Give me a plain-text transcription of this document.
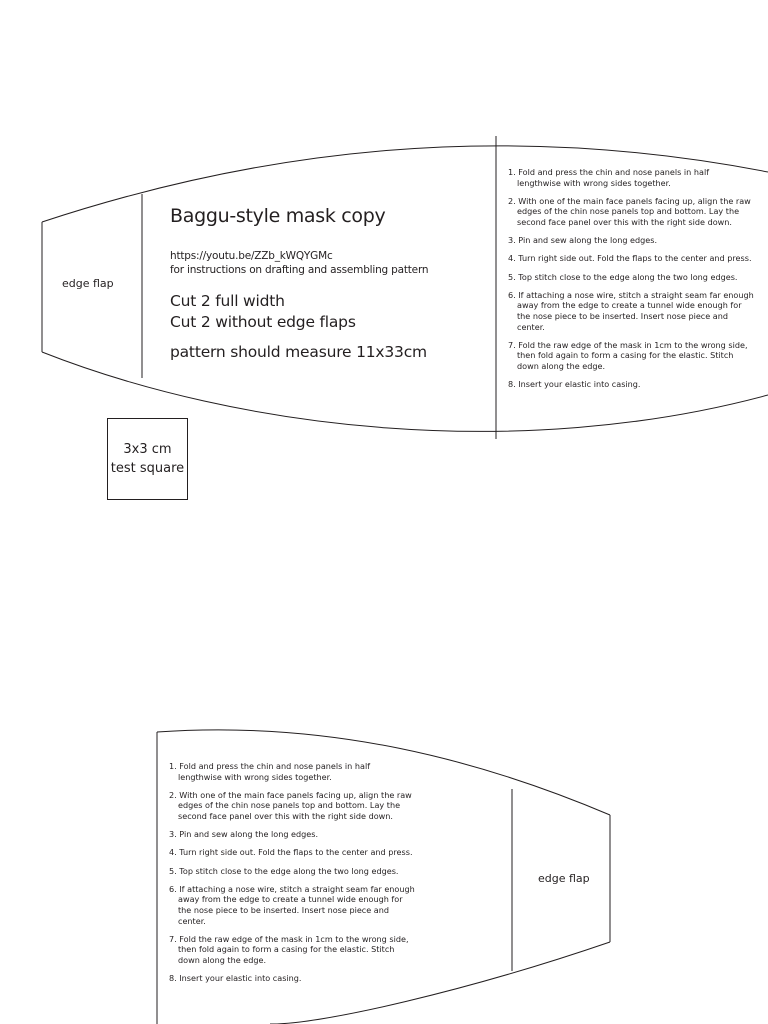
edge flap
Baggu-style mask copy
https://youtu.be/ZZb_kWQYGMc
for instructions on drafting and assembling pattern
Cut 2 full width
Cut 2 without edge flaps
pattern should measure 11x33cm
1. Fold and press the chin and nose panels in half
lengthwise with wrong sides together.
2. With one of the main face panels facing up, align the raw
edges of the chin nose panels top and bottom. Lay the
second face panel over this with the right side down.
3. Pin and sew along the long edges.
4. Turn right side out. Fold the flaps to the center and press.
5. Top stitch close to the edge along the two long edges.
6. If attaching a nose wire, stitch a straight seam far enough
away from the edge to create a tunnel wide enough for
the nose piece to be inserted. Insert nose piece and
center.
7. Fold the raw edge of the mask in 1cm to the wrong side,
then fold again to form a casing for the elastic. Stitch
down along the edge.
8. Insert your elastic into casing.
3x3 cm
test square
1. Fold and press the chin and nose panels in half
lengthwise with wrong sides together.
2. With one of the main face panels facing up, align the raw
edges of the chin nose panels top and bottom. Lay the
second face panel over this with the right side down.
3. Pin and sew along the long edges.
4. Turn right side out. Fold the flaps to the center and press.
5. Top stitch close to the edge along the two long edges.
6. If attaching a nose wire, stitch a straight seam far enough
away from the edge to create a tunnel wide enough for
the nose piece to be inserted. Insert nose piece and
center.
7. Fold the raw edge of the mask in 1cm to the wrong side,
then fold again to form a casing for the elastic. Stitch
down along the edge.
8. Insert your elastic into casing.
edge flap
